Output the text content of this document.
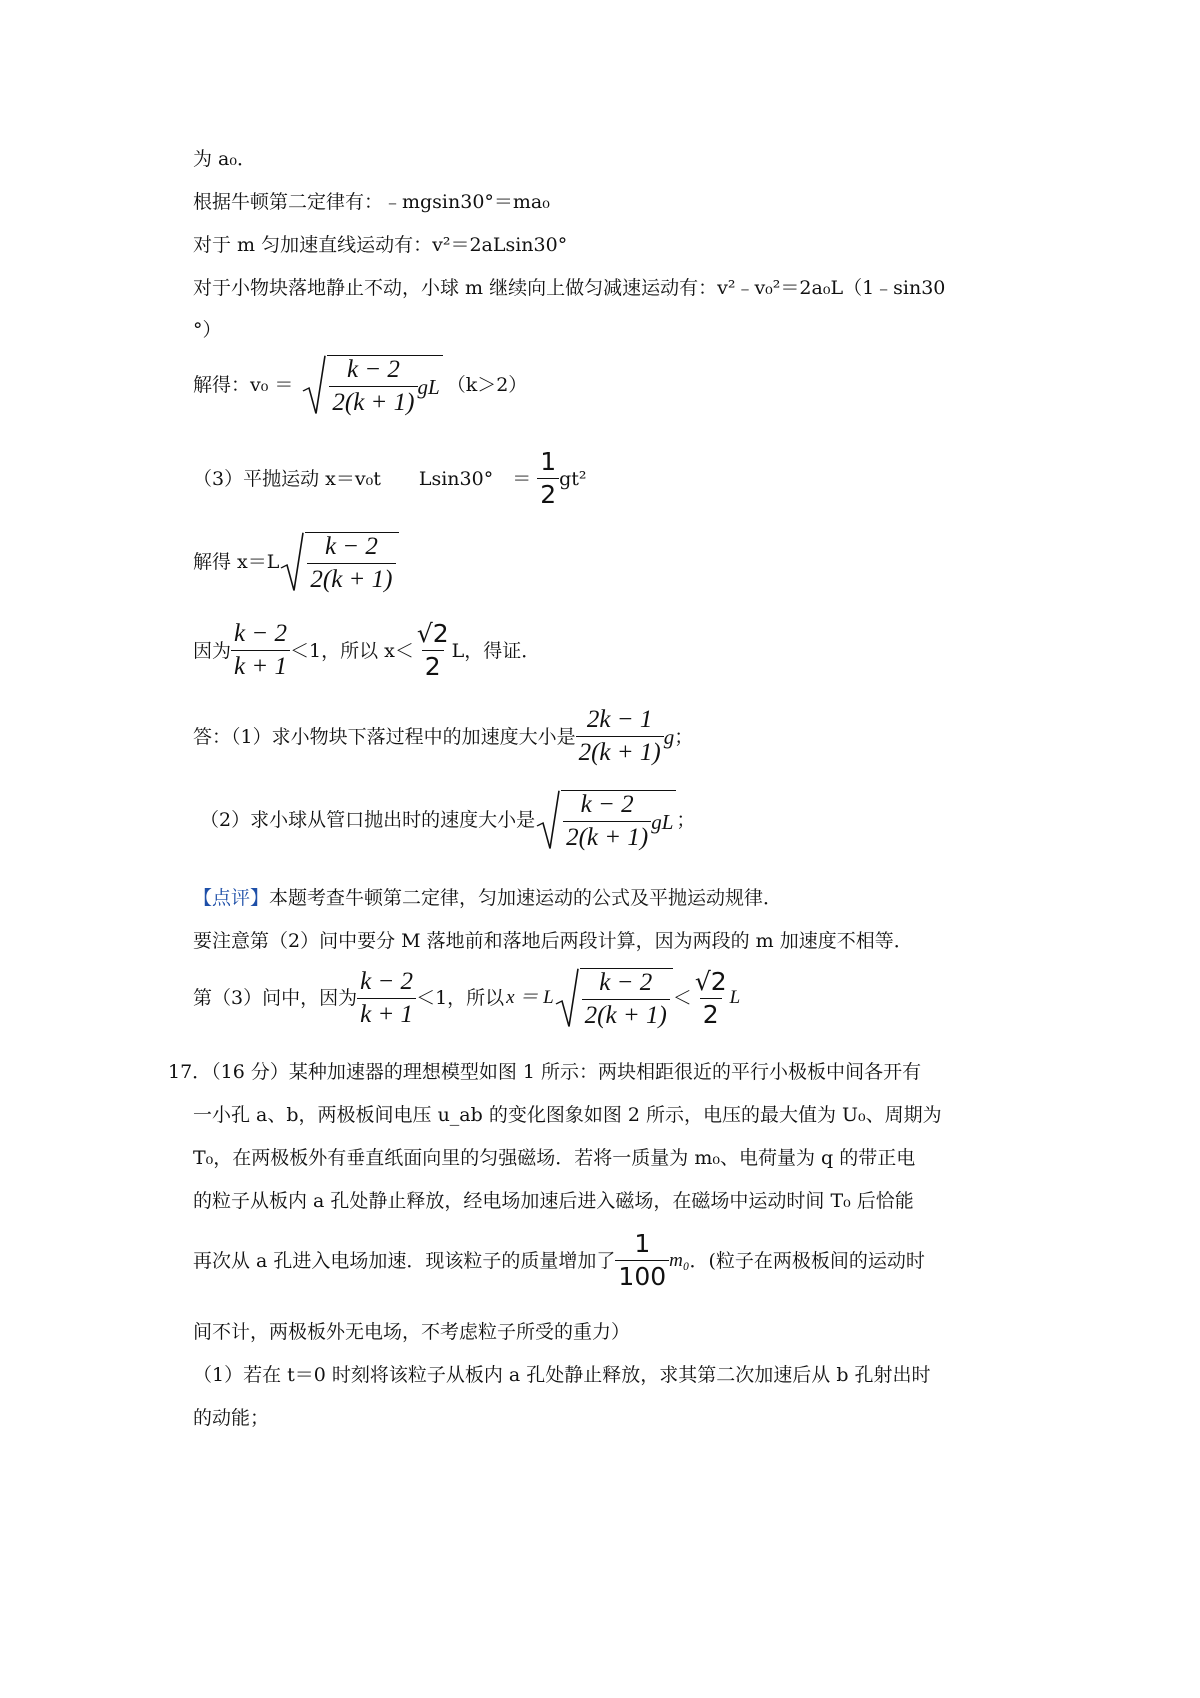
为 a₀．
根据牛顿第二定律有：﹣mgsin30°＝ma₀
对于 m 匀加速直线运动有：v²＝2aLsin30°
对于小物块落地静止不动，小球 m 继续向上做匀减速运动有：v²﹣v₀²＝2a₀L（1﹣sin30
°）
解得：$v_0 = \frac{k - 2}{2(k + 1)}$ gL （k＞2）
（3）平抛运动 x＝v₀t　　Lsin30°　＝ $\frac{1}{2} gt^2$
解得 $x=L \frac{k - 2}{2(k + 1)}$
因为 $\frac{k - 2}{k + 1} <1$，所以 $x< \frac{√2}{2}$ L，得证．
答：（1）求小物块下落过程中的加速度大小是 $\frac{2k - 1}{2(k + 1)}$ g ；
（2）求小球从管口抛出时的速度大小是 $\frac{k - 2}{2(k + 1)}$ gL ；
【点评】本题考查牛顿第二定律，匀加速运动的公式及平抛运动规律．
要注意第（2）问中要分 M 落地前和落地后两段计算，因为两段的 m 加速度不相等．
第（3）问中，因为 $\frac{k - 2}{k + 1} <1$，所以 x ＝ L $\frac{k - 2}{2(k + 1)} < \frac{√2}{2}$ L
17．（16 分）某种加速器的理想模型如图 1 所示：两块相距很近的平行小极板中间各开有
一小孔 a、b，两极板间电压 u_ab 的变化图象如图 2 所示，电压的最大值为 U₀、周期为
T₀，在两极板外有垂直纸面向里的匀强磁场．若将一质量为 m₀、电荷量为 q 的带正电
的粒子从板内 a 孔处静止释放，经电场加速后进入磁场，在磁场中运动时间 T₀ 后恰能
再次从 a 孔进入电场加速．现该粒子的质量增加了 $\frac{1}{100} m_0$ ．(粒子在两极板间的运动时
间不计，两极板外无电场，不考虑粒子所受的重力）
（1）若在 t＝0 时刻将该粒子从板内 a 孔处静止释放，求其第二次加速后从 b 孔射出时
的动能；
